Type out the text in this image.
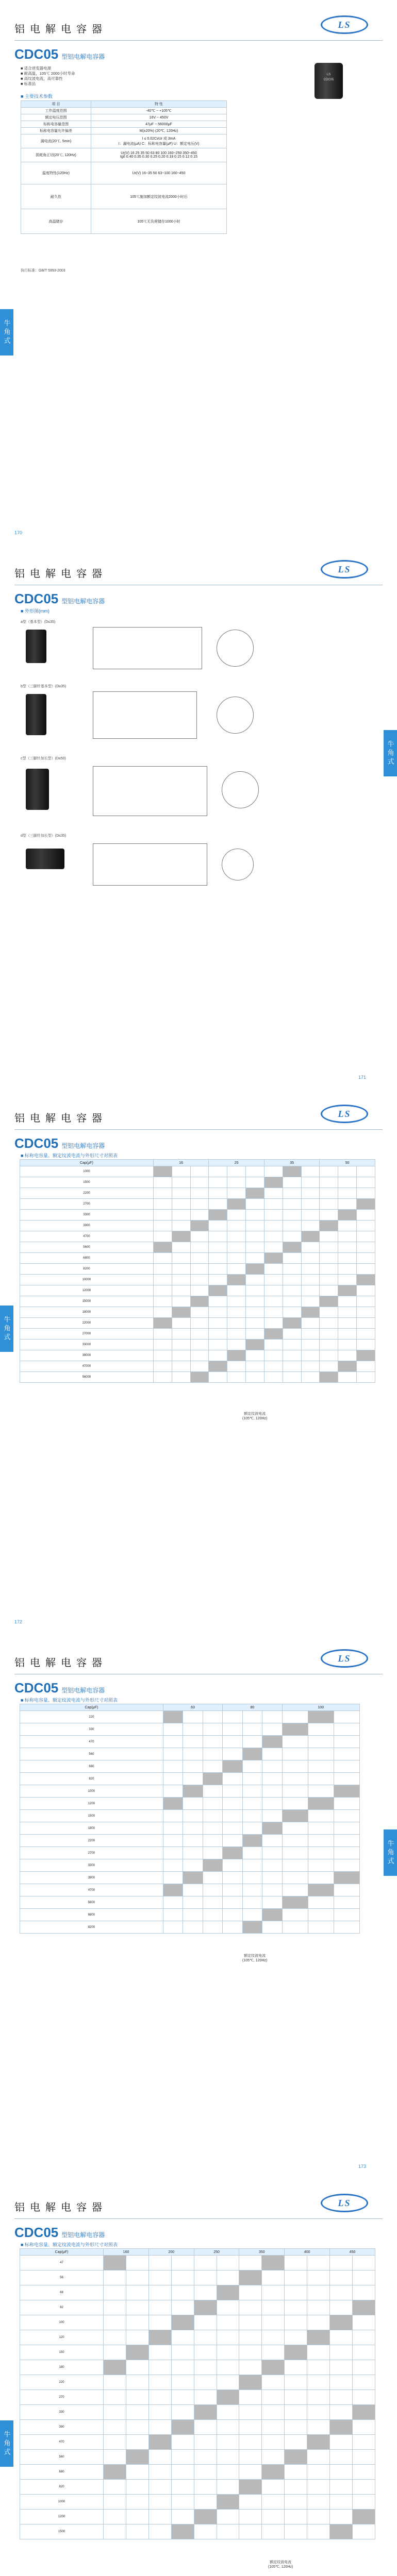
铝电解电容器	LS
CDC05 型铝电解电容器
■ 适合逆变器电源
■ 耐高温，105℃ 2000小时寿命
■ 高纹波电流，高可靠性
■ 标准品
LS
CDC05
■ 主要技术参数
项 目	特 性
工作温度范围	-40℃ ~ +105℃
额定电压范围	16V ~ 450V
标称电容量范围	47μF ~ 56000μF
标称电容量允许偏差	M(±20%) (20℃, 120Hz)
漏电流(20℃, 5min)	I ≤ 0.02CvUr 或 3mA
I：漏电流(μA) C：标称电容量(μF) U：额定电压(V)

损耗角正切(20℃, 120Hz)	Ur(V) 16 25 35 50 63 80 100 160~250 350~450
tgδ 0.40 0.35 0.30 0.25 0.20 0.18 0.15 0.12 0.15

温度特性(120Hz)	Ur(V) 16~35 50 63~100 160~450
耐久性	105℃施加额定纹波电流2000小时后
高温储存	105℃无负荷储存1000小时
执行标准：GB/T 5993-2003
牛角式
170
铝电解电容器	LS
CDC05 型铝电解电容器
■ 外形图(mm)
a型（基本型）(D≤35)
b型（三脚针基本型）(D≥35)
c型（三脚针加长型）(D≤50)
d型（三脚针加长型）(D≤35)
牛角式
171
铝电解电容器	LS
CDC05 型铝电解电容器
■ 标称电容量、额定纹波电流与外形尺寸对照表
Cap(μF)	16			25			35			50		
1000												
1500												
2200												
2700												
3300												
3900												
4700												
5600												
6800												
8200												
10000												
12000												
15000												
18000												
22000												
27000												
33000												
39000												
47000												
56000												
额定纹波电流
(105℃, 120Hz)
牛角式
172
铝电解电容器	LS
CDC05 型铝电解电容器
■ 标称电容量、额定纹波电流与外形尺寸对照表
Cap(μF)	63			80			100		
220									
330									
470									
560									
680									
820									
1000									
1200									
1500									
1800									
2200									
2700									
3300									
3900									
4700									
5600									
6800									
8200									
额定纹波电流
(105℃, 120Hz)
牛角式
173
铝电解电容器	LS
CDC05 型铝电解电容器
■ 标称电容量、额定纹波电流与外形尺寸对照表
Cap(μF)	160		200		250		350		400		450	
47												
56												
68												
82												
100												
120												
150												
180												
220												
270												
330												
390												
470												
560												
680												
820												
1000												
1200												
1500												
额定纹波电流
(105℃, 120Hz)
牛角式
